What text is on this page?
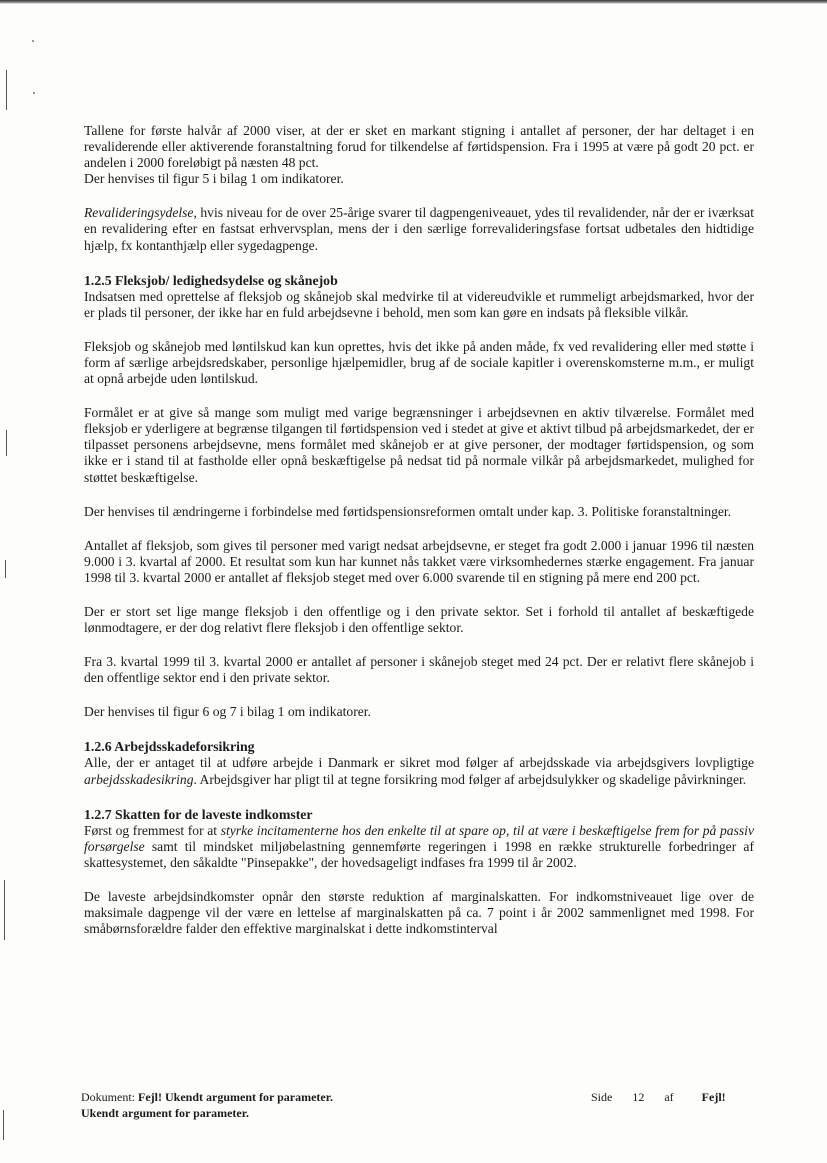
Tallene for første halvår af 2000 viser, at der er sket en markant stigning i antallet af personer, der har deltaget i en revaliderende eller aktiverende foranstaltning forud for tilkendelse af førtidspension. Fra i 1995 at være på godt 20 pct. er andelen i 2000 foreløbigt på næsten 48 pct.
Der henvises til figur 5 i bilag 1 om indikatorer.

Revalideringsydelse, hvis niveau for de over 25-årige svarer til dagpengeniveauet, ydes til revalidender, når der er iværksat en revalidering efter en fastsat erhvervsplan, mens der i den særlige forrevalideringsfase fortsat udbetales den hidtidige hjælp, fx kontanthjælp eller sygedagpenge.

1.2.5 Fleksjob/ ledighedsydelse og skånejob

Indsatsen med oprettelse af fleksjob og skånejob skal medvirke til at videreudvikle et rummeligt arbejdsmarked, hvor der er plads til personer, der ikke har en fuld arbejdsevne i behold, men som kan gøre en indsats på fleksible vilkår.

Fleksjob og skånejob med løntilskud kan kun oprettes, hvis det ikke på anden måde, fx ved revalidering eller med støtte i form af særlige arbejdsredskaber, personlige hjælpemidler, brug af de sociale kapitler i overenskomsterne m.m., er muligt at opnå arbejde uden løntilskud.

Formålet er at give så mange som muligt med varige begrænsninger i arbejdsevnen en aktiv tilværelse. Formålet med fleksjob er yderligere at begrænse tilgangen til førtidspension ved i stedet at give et aktivt tilbud på arbejdsmarkedet, der er tilpasset personens arbejdsevne, mens formålet med skånejob er at give personer, der modtager førtidspension, og som ikke er i stand til at fastholde eller opnå beskæftigelse på nedsat tid på normale vilkår på arbejdsmarkedet, mulighed for støttet beskæftigelse.

Der henvises til ændringerne i forbindelse med førtidspensionsreformen omtalt under kap. 3. Politiske foranstaltninger.

Antallet af fleksjob, som gives til personer med varigt nedsat arbejdsevne, er steget fra godt 2.000 i januar 1996 til næsten 9.000 i 3. kvartal af 2000. Et resultat som kun har kunnet nås takket være virksomhedernes stærke engagement. Fra januar 1998 til 3. kvartal 2000 er antallet af fleksjob steget med over 6.000 svarende til en stigning på mere end 200 pct.

Der er stort set lige mange fleksjob i den offentlige og i den private sektor. Set i forhold til antallet af beskæftigede lønmodtagere, er der dog relativt flere fleksjob i den offentlige sektor.

Fra 3. kvartal 1999 til 3. kvartal 2000 er antallet af personer i skånejob steget med 24 pct. Der er relativt flere skånejob i den offentlige sektor end i den private sektor.

Der henvises til figur 6 og 7 i bilag 1 om indikatorer.

1.2.6 Arbejdsskadeforsikring

Alle, der er antaget til at udføre arbejde i Danmark er sikret mod følger af arbejdsskade via arbejdsgivers lovpligtige arbejdsskadesikring. Arbejdsgiver har pligt til at tegne forsikring mod følger af arbejdsulykker og skadelige påvirkninger.

1.2.7 Skatten for de laveste indkomster

Først og fremmest for at styrke incitamenterne hos den enkelte til at spare op, til at være i beskæftigelse frem for på passiv forsørgelse samt til mindsket miljøbelastning gennemførte regeringen i 1998 en række strukturelle forbedringer af skattesystemet, den såkaldte "Pinsepakke", der hovedsageligt indfases fra 1999 til år 2002.

De laveste arbejdsindkomster opnår den største reduktion af marginalskatten. For indkomstniveauet lige over de maksimale dagpenge vil der være en lettelse af marginalskatten på ca. 7 point i år 2002 sammenlignet med 1998. For småbørnsforældre falder den effektive marginalskat i dette indkomstinterval

Dokument: Fejl! Ukendt argument for parameter.
Ukendt argument for parameter.
Side 12 af Fejl!
